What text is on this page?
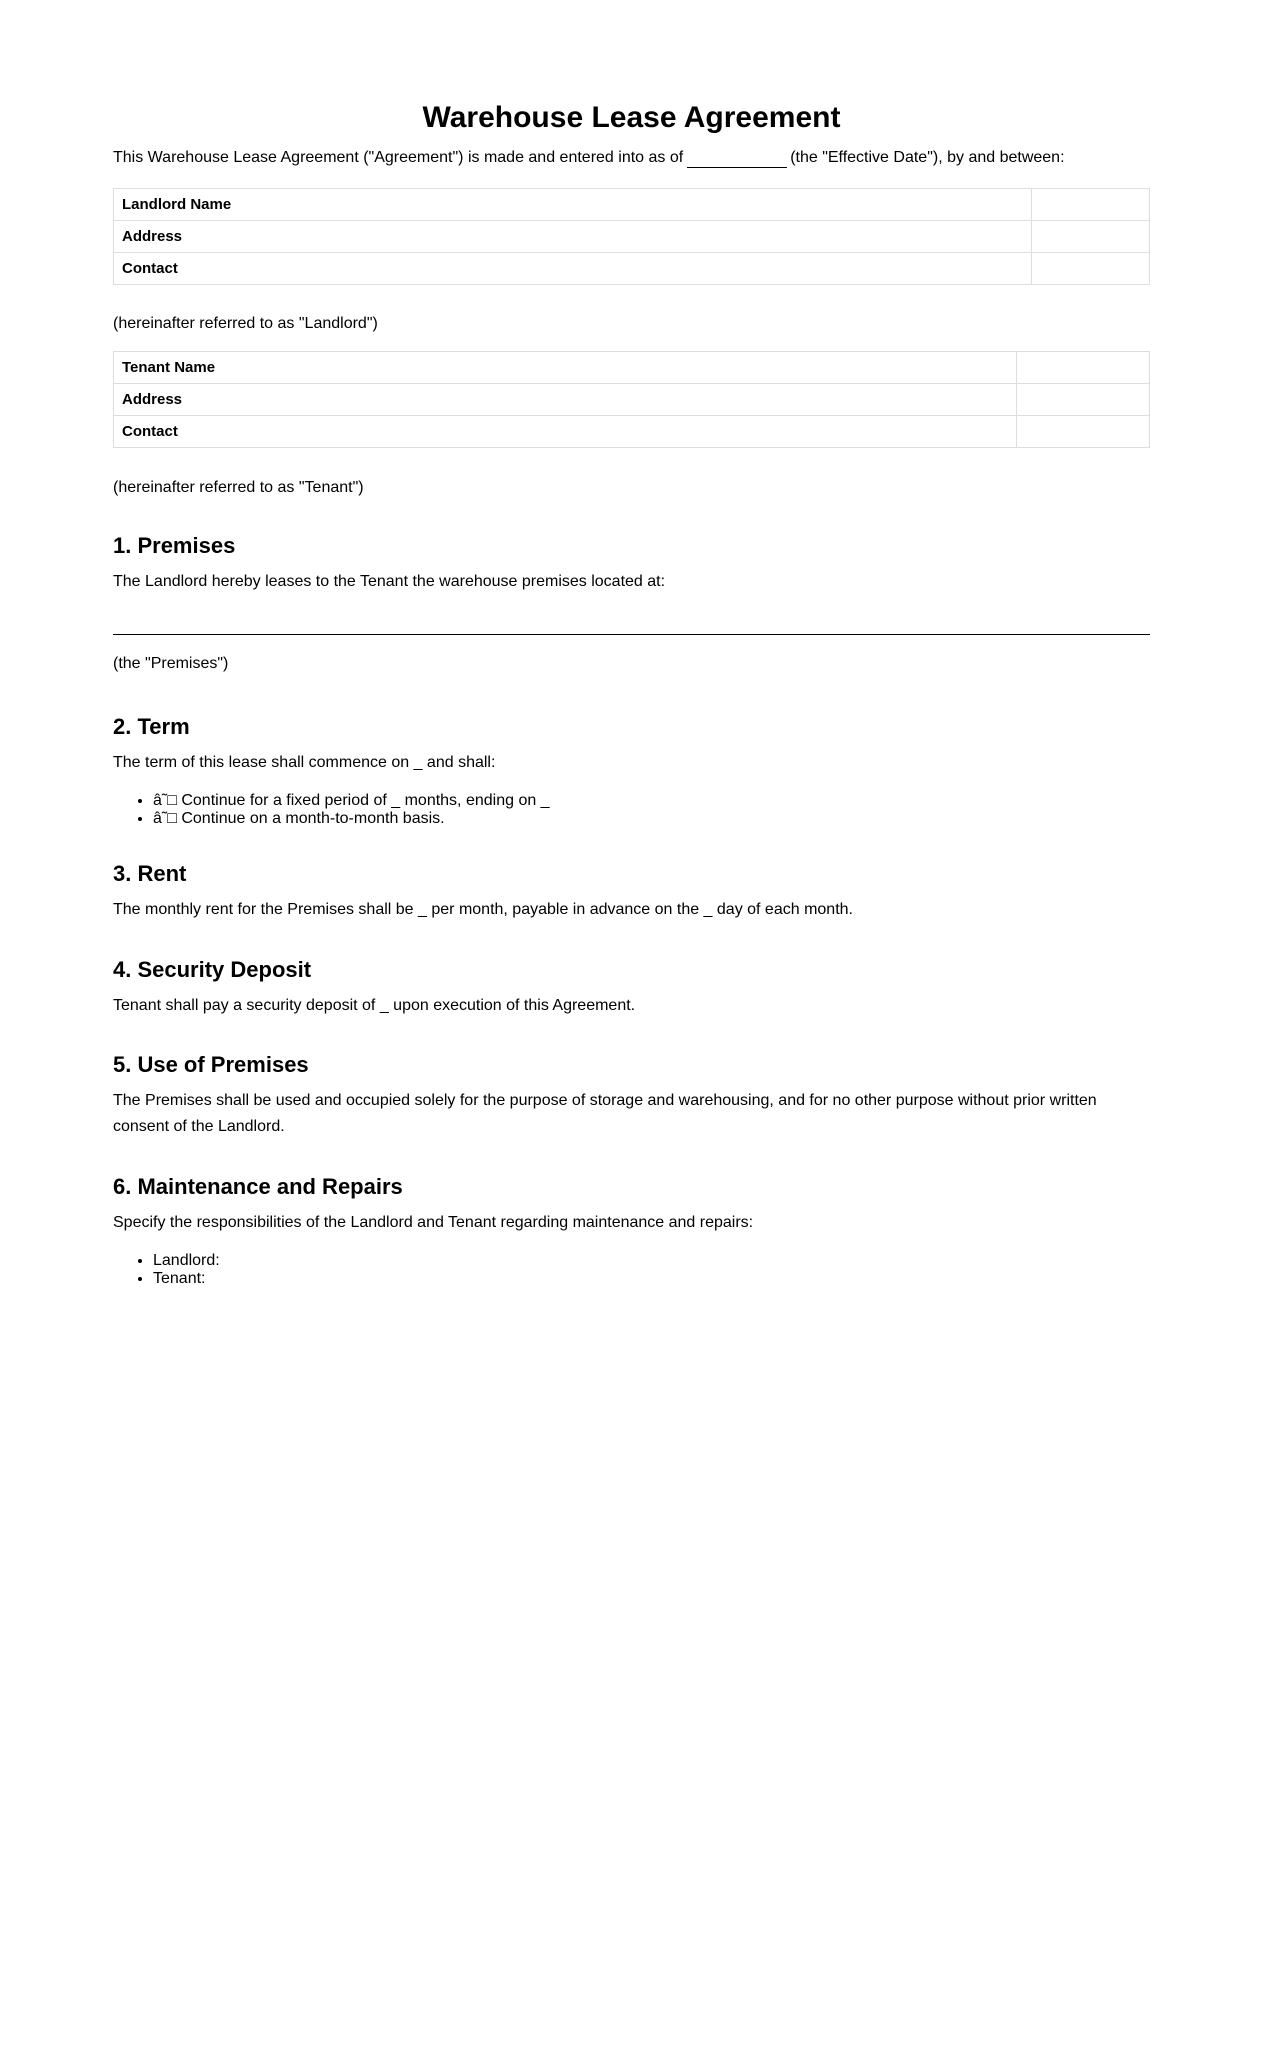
Warehouse Lease Agreement

This Warehouse Lease Agreement ("Agreement") is made and entered into as of	(the "Effective Date"), by and between:

Landlord Name	
Address	
Contact	

(hereinafter referred to as "Landlord")

Tenant Name	
Address	
Contact	

(hereinafter referred to as "Tenant")

1. Premises

The Landlord hereby leases to the Tenant the warehouse premises located at:

(the "Premises")

2. Term

The term of this lease shall commence on _ and shall:

• â˜□ Continue for a fixed period of _ months, ending on _
• â˜□ Continue on a month-to-month basis.
3. Rent

The monthly rent for the Premises shall be _ per month, payable in advance on the _ day of each month.

4. Security Deposit

Tenant shall pay a security deposit of _ upon execution of this Agreement.

5. Use of Premises

The Premises shall be used and occupied solely for the purpose of storage and warehousing, and for no other purpose without prior written consent of the Landlord.

6. Maintenance and Repairs

Specify the responsibilities of the Landlord and Tenant regarding maintenance and repairs:

• Landlord:
• Tenant:
